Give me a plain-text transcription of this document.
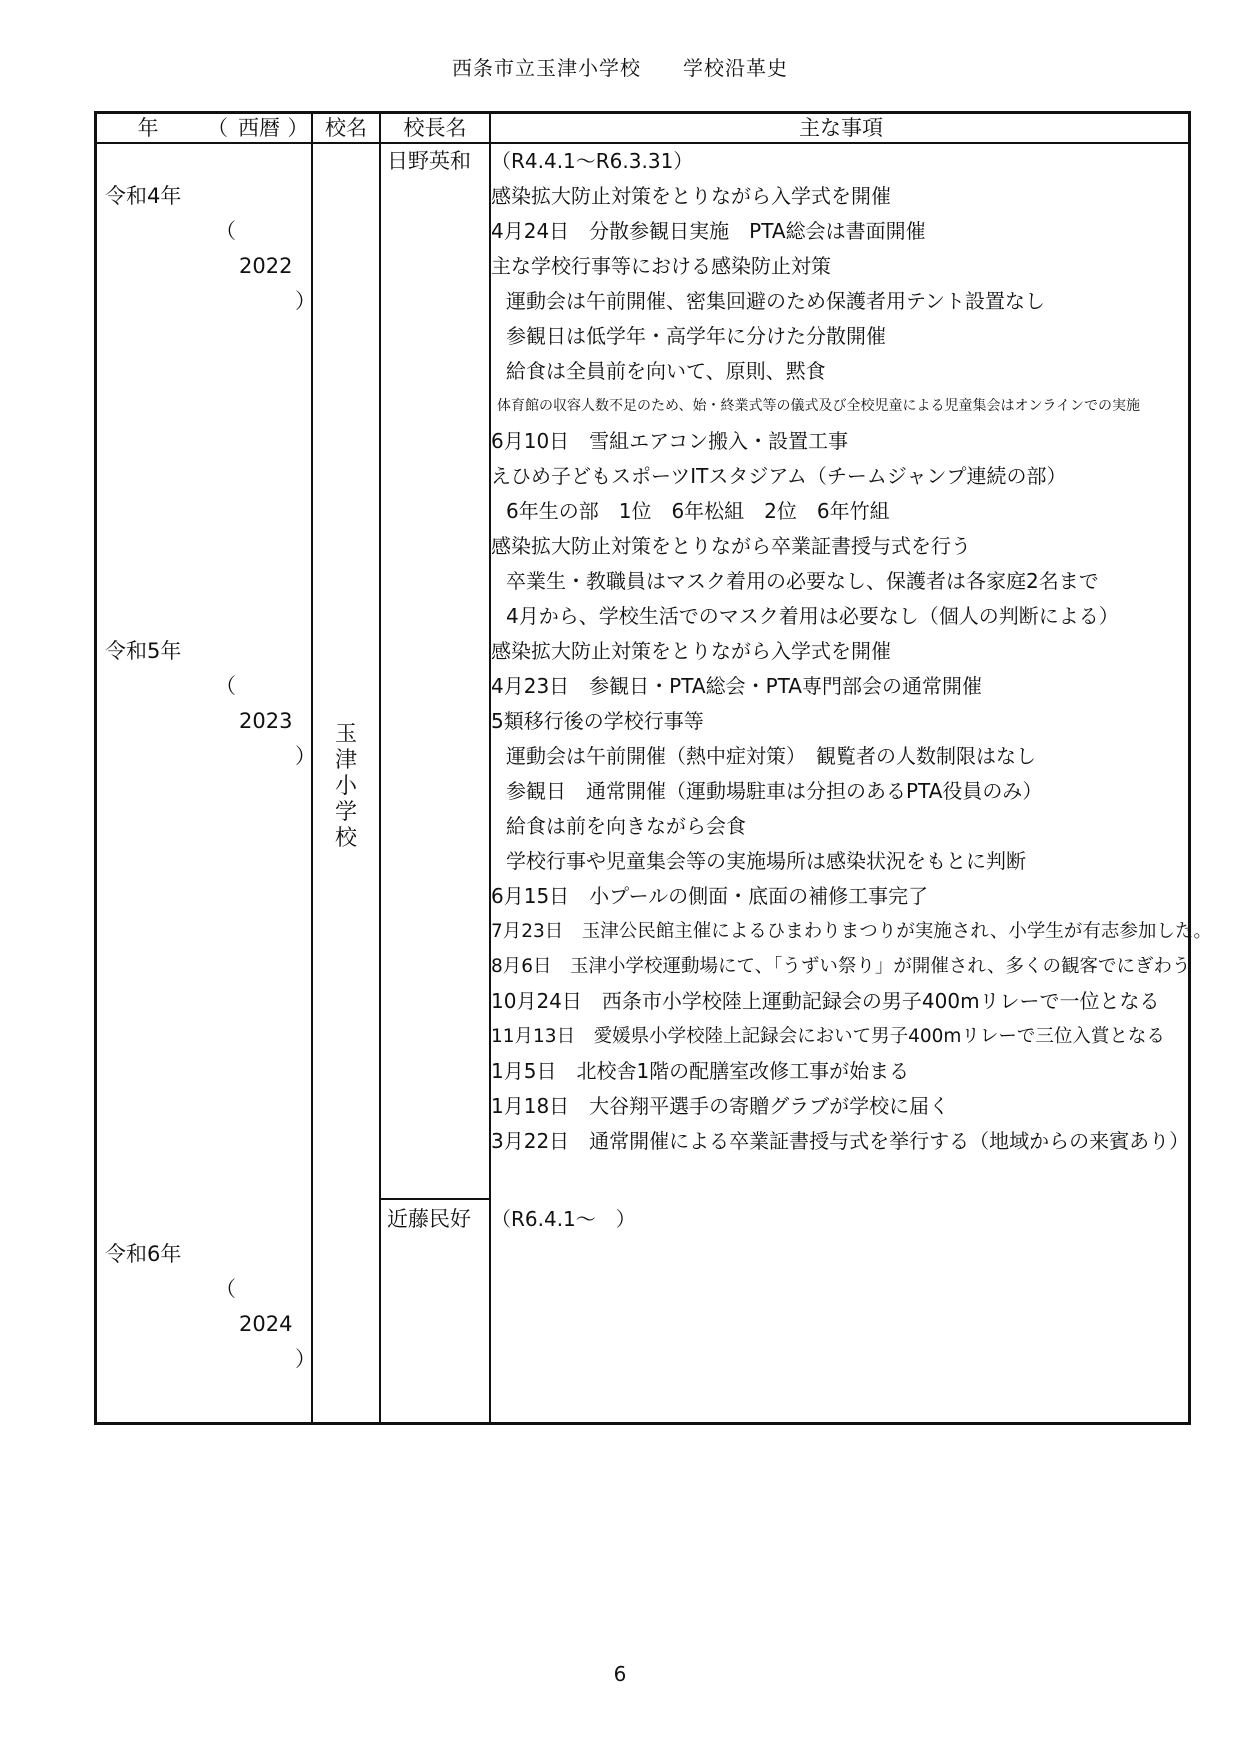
西条市立玉津小学校　　学校沿革史
年 （ 西暦 ） 校名	校長名	主な事項

令和4年

（

2022

）

令和5年

（

2023

）

令和6年

（

2024

）

玉
津
小
学
校
日野英和
近藤民好
（R4.4.1～R6.3.31）
感染拡大防止対策をとりながら入学式を開催
4月24日　分散参観日実施　PTA総会は書面開催
主な学校行事等における感染防止対策
運動会は午前開催、密集回避のため保護者用テント設置なし
参観日は低学年・高学年に分けた分散開催
給食は全員前を向いて、原則、黙食
体育館の収容人数不足のため、始・終業式等の儀式及び全校児童による児童集会はオンラインでの実施
6月10日　雪組エアコン搬入・設置工事
えひめ子どもスポーツITスタジアム（チームジャンプ連続の部）
6年生の部　1位　6年松組　2位　6年竹組
感染拡大防止対策をとりながら卒業証書授与式を行う
卒業生・教職員はマスク着用の必要なし、保護者は各家庭2名まで
4月から、学校生活でのマスク着用は必要なし（個人の判断による）
感染拡大防止対策をとりながら入学式を開催
4月23日　参観日・PTA総会・PTA専門部会の通常開催
5類移行後の学校行事等
運動会は午前開催（熱中症対策）　観覧者の人数制限はなし
参観日　通常開催（運動場駐車は分担のあるPTA役員のみ）
給食は前を向きながら会食
学校行事や児童集会等の実施場所は感染状況をもとに判断
6月15日　小プールの側面・底面の補修工事完了
7月23日　玉津公民館主催によるひまわりまつりが実施され、小学生が有志参加した。
8月6日　玉津小学校運動場にて、「うずい祭り」が開催され、多くの観客でにぎわう
10月24日　西条市小学校陸上運動記録会の男子400mリレーで一位となる
11月13日　愛媛県小学校陸上記録会において男子400mリレーで三位入賞となる
1月5日　北校舎1階の配膳室改修工事が始まる
1月18日　大谷翔平選手の寄贈グラブが学校に届く
3月22日　通常開催による卒業証書授与式を挙行する（地域からの来賓あり）
（R6.4.1～　）
6
